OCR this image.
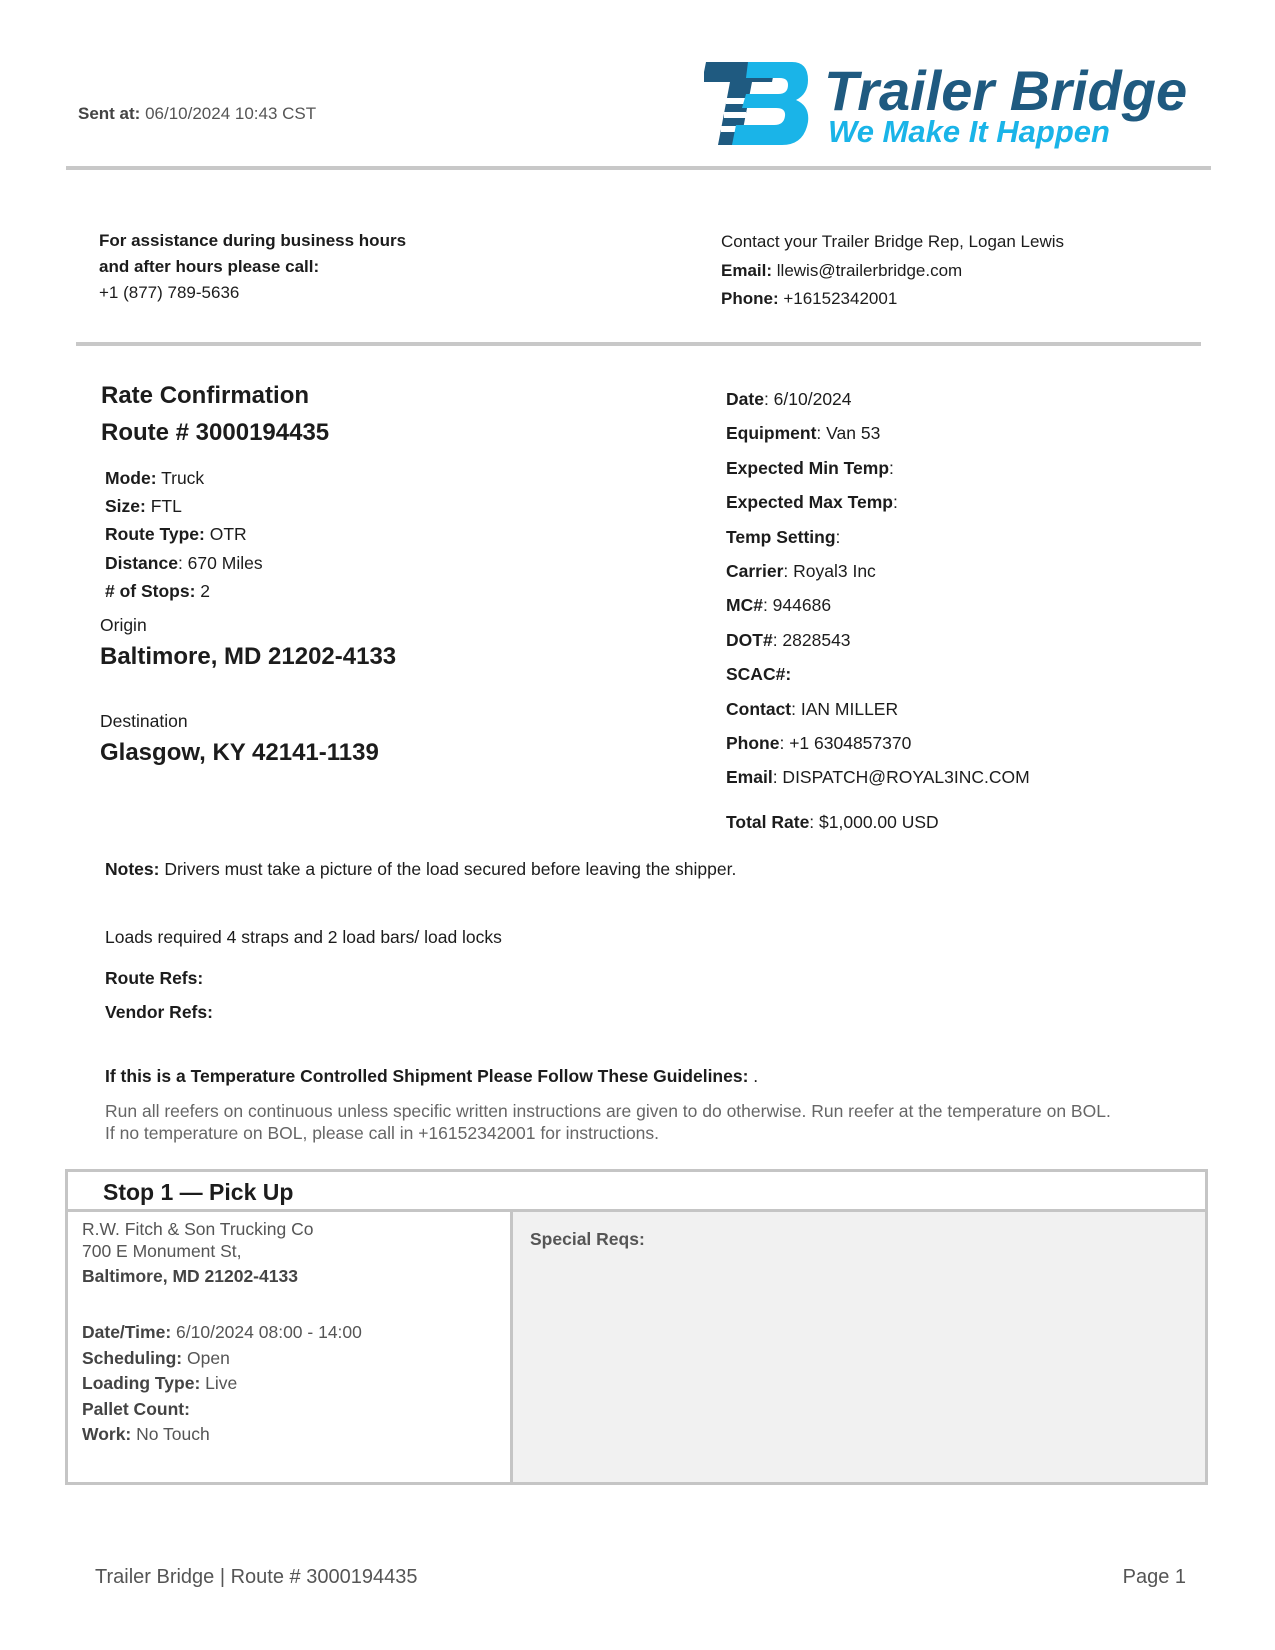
Sent at: 06/10/2024 10:43 CST	Trailer Bridge
We Make It Happen
For assistance during business hours
and after hours please call:
+1 (877) 789-5636
Contact your Trailer Bridge Rep, Logan Lewis
Email: llewis@trailerbridge.com
Phone: +16152342001
Rate Confirmation
Route # 3000194435
Mode: Truck
Size: FTL
Route Type: OTR
Distance: 670 Miles
# of Stops: 2
Origin
Baltimore, MD 21202-4133
Destination
Glasgow, KY 42141-1139
Date: 6/10/2024
Equipment: Van 53
Expected Min Temp:
Expected Max Temp:
Temp Setting:
Carrier: Royal3 Inc
MC#: 944686
DOT#: 2828543
SCAC#:
Contact: IAN MILLER
Phone: +1 6304857370
Email: DISPATCH@ROYAL3INC.COM
Total Rate: $1,000.00 USD
Notes: Drivers must take a picture of the load secured before leaving the shipper.
Loads required 4 straps and 2 load bars/ load locks
Route Refs:
Vendor Refs:
If this is a Temperature Controlled Shipment Please Follow These Guidelines: .
Run all reefers on continuous unless specific written instructions are given to do otherwise. Run reefer at the temperature on BOL.
If no temperature on BOL, please call in +16152342001 for instructions.
Stop 1 — Pick Up
R.W. Fitch & Son Trucking Co
700 E Monument St,
Baltimore, MD 21202-4133
Date/Time: 6/10/2024 08:00 - 14:00
Scheduling: Open
Loading Type: Live
Pallet Count:
Work: No Touch
Special Reqs:
Trailer Bridge | Route # 3000194435	Page 1
